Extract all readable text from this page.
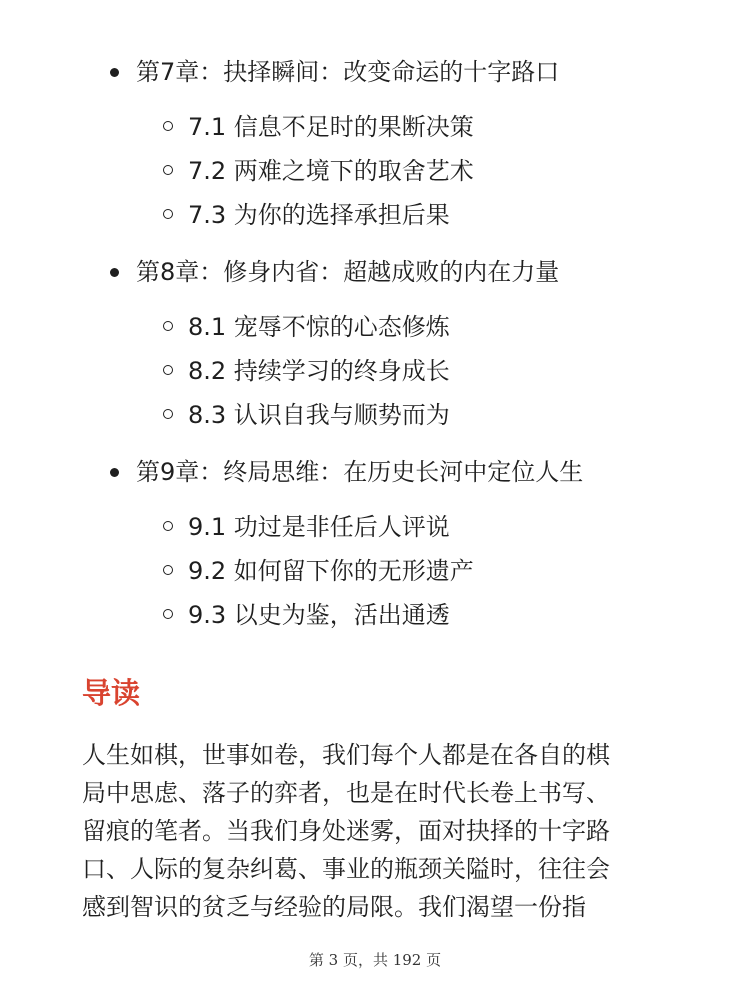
第7章：抉择瞬间：改变命运的十字路口
7.1 信息不足时的果断决策
7.2 两难之境下的取舍艺术
7.3 为你的选择承担后果
第8章：修身内省：超越成败的内在力量
8.1 宠辱不惊的心态修炼
8.2 持续学习的终身成长
8.3 认识自我与顺势而为
第9章：终局思维：在历史长河中定位人生
9.1 功过是非任后人评说
9.2 如何留下你的无形遗产
9.3 以史为鉴，活出通透
导读
人生如棋，世事如卷，我们每个人都是在各自的棋
局中思虑、落子的弈者，也是在时代长卷上书写、
留痕的笔者。当我们身处迷雾，面对抉择的十字路
口、人际的复杂纠葛、事业的瓶颈关隘时，往往会
感到智识的贫乏与经验的局限。我们渴望一份指
第 3 页，共 192 页
